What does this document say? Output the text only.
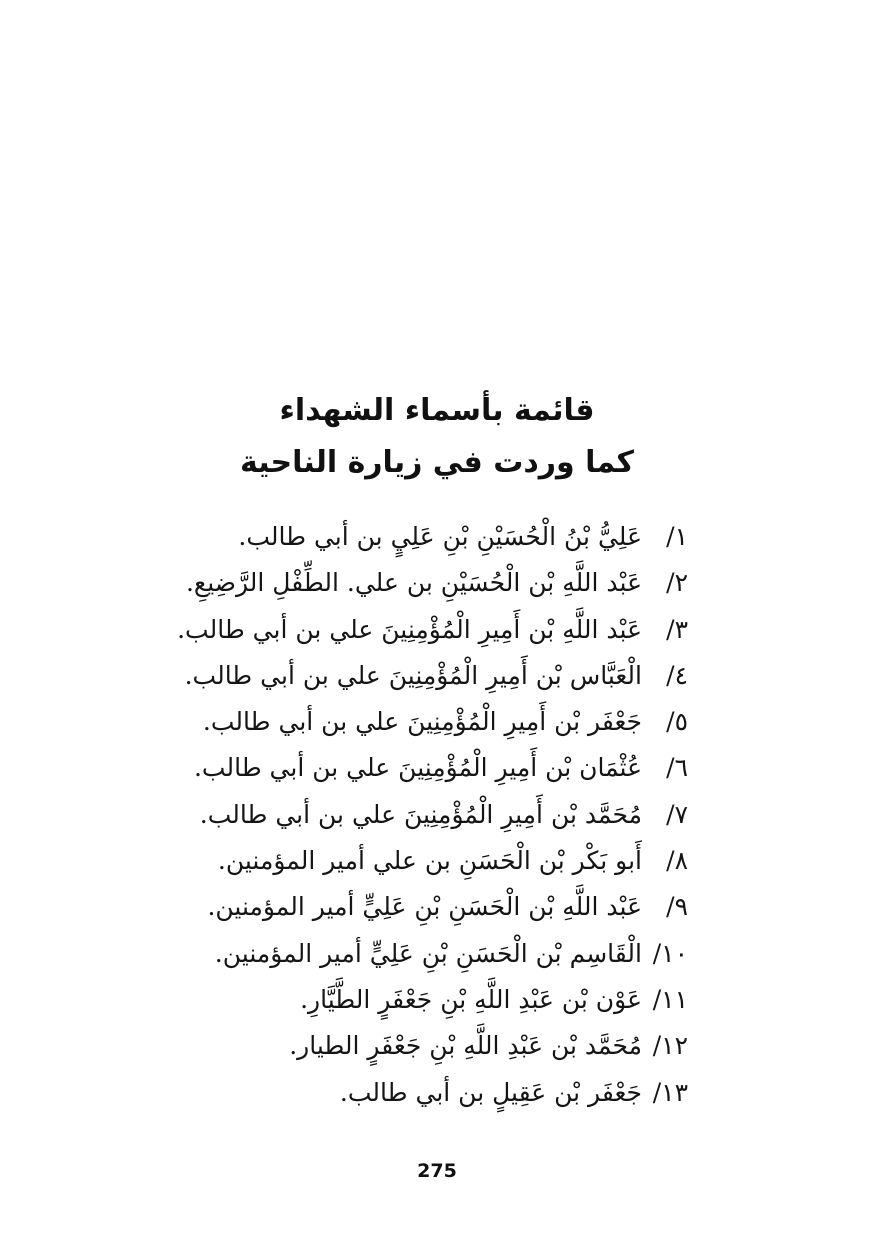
قائمة بأسماء الشهداء
كما وردت في زيارة الناحية
١/
عَلِيُّ بْنُ الْحُسَيْنِ بْنِ عَلِيٍ بن أبي طالب.
٢/
عَبْد اللَّهِ بْن الْحُسَيْنِ بن علي. الطِّفْلِ الرَّضِيعِ.
٣/
عَبْد اللَّهِ بْن أَمِيرِ الْمُؤْمِنِينَ علي بن أبي طالب.
٤/
الْعَبَّاس بْن أَمِيرِ الْمُؤْمِنِينَ علي بن أبي طالب.
٥/
جَعْفَر بْن أَمِيرِ الْمُؤْمِنِينَ علي بن أبي طالب.
٦/
عُثْمَان بْن أَمِيرِ الْمُؤْمِنِينَ علي بن أبي طالب.
٧/
مُحَمَّد بْن أَمِيرِ الْمُؤْمِنِينَ علي بن أبي طالب.
٨/
أَبو بَكْر بْن الْحَسَنِ بن علي أمير المؤمنين.
٩/
عَبْد اللَّهِ بْن الْحَسَنِ بْنِ عَلِيٍّ أمير المؤمنين.
١٠/
الْقَاسِم بْن الْحَسَنِ بْنِ عَلِيٍّ أمير المؤمنين.
١١/
عَوْن بْن عَبْدِ اللَّهِ بْنِ جَعْفَرٍ الطَّيَّارِ.
١٢/
مُحَمَّد بْن عَبْدِ اللَّهِ بْنِ جَعْفَرٍ الطيار.
١٣/
جَعْفَر بْن عَقِيلٍ بن أبي طالب.
275
